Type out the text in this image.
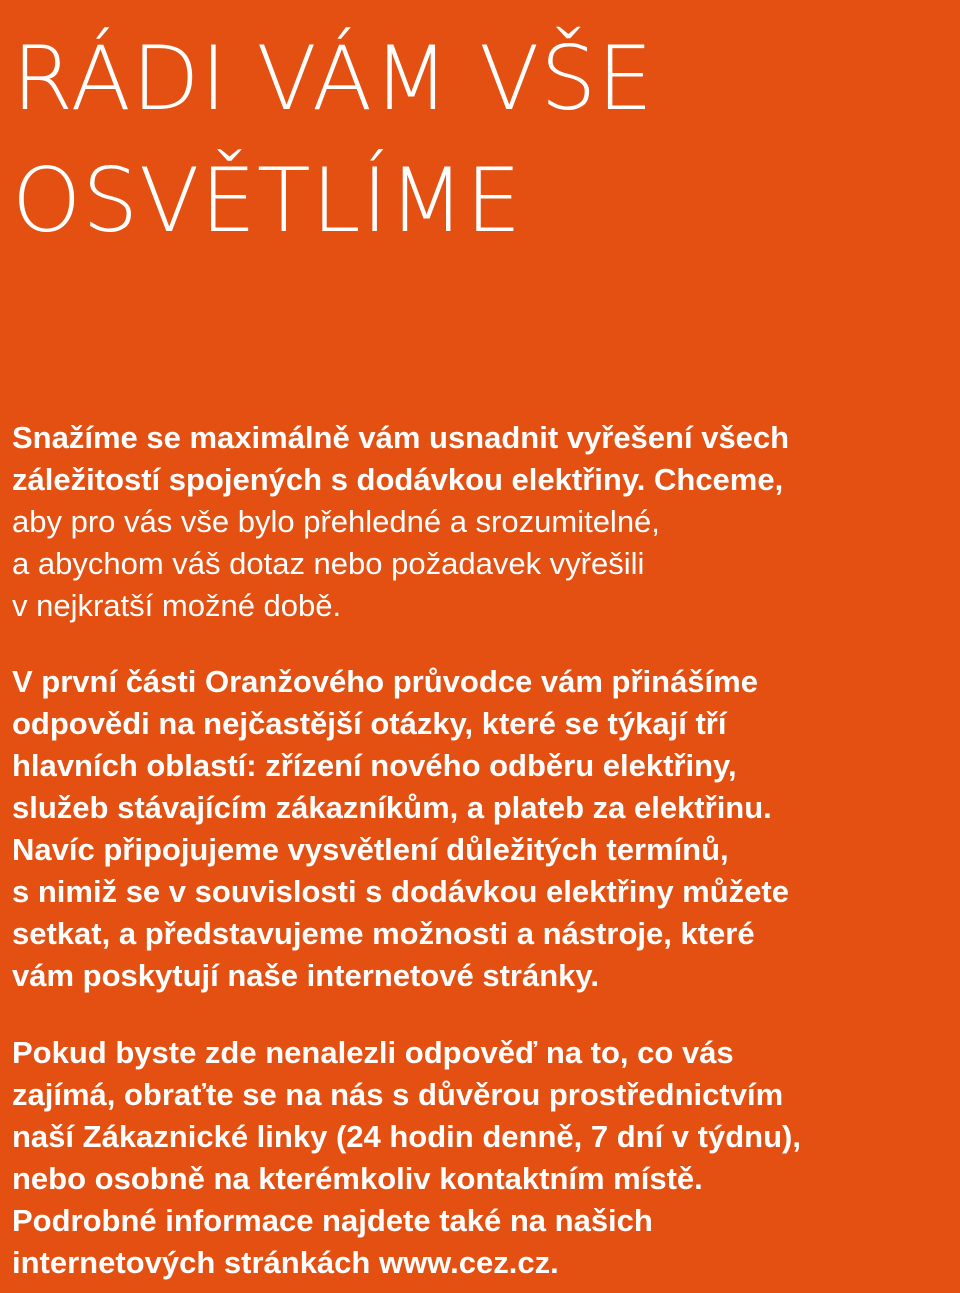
RÁDI VÁM VŠE
OSVĚTLÍME

Snažíme se maximálně vám usnadnit vyřešení všech
záležitostí spojených s dodávkou elektřiny. Chceme,
aby pro vás vše bylo přehledné a srozumitelné,
a abychom váš dotaz nebo požadavek vyřešili
v nejkratší možné době.

V první části Oranžového průvodce vám přinášíme
odpovědi na nejčastější otázky, které se týkají tří
hlavních oblastí: zřízení nového odběru elektřiny,
služeb stávajícím zákazníkům, a plateb za elektřinu.
Navíc připojujeme vysvětlení důležitých termínů,
s nimiž se v souvislosti s dodávkou elektřiny můžete
setkat, a představujeme možnosti a nástroje, které
vám poskytují naše internetové stránky.

Pokud byste zde nenalezli odpověď na to, co vás
zajímá, obraťte se na nás s důvěrou prostřednictvím
naší Zákaznické linky (24 hodin denně, 7 dní v týdnu),
nebo osobně na kterémkoliv kontaktním místě.
Podrobné informace najdete také na našich
internetových stránkách www.cez.cz.
